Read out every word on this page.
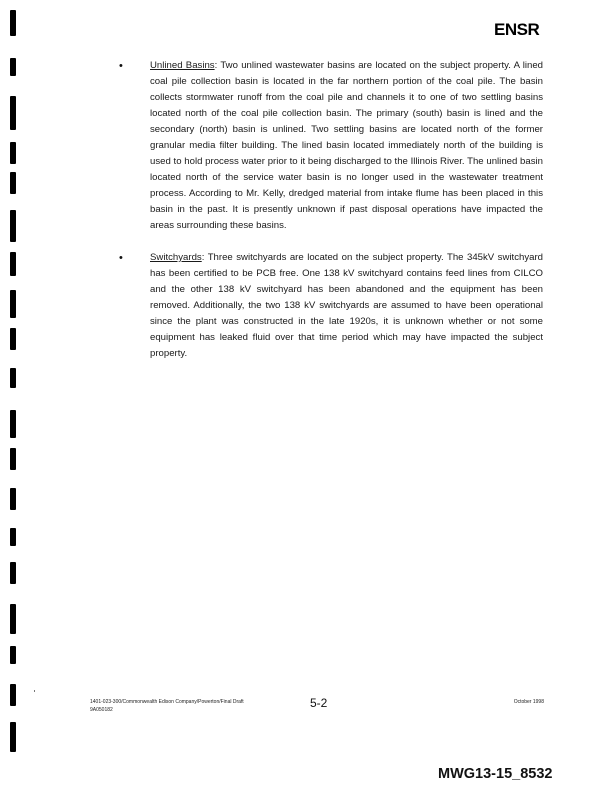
ENSR
•	Unlined Basins: Two unlined wastewater basins are located on the subject property. A lined coal pile collection basin is located in the far northern portion of the coal pile. The basin collects stormwater runoff from the coal pile and channels it to one of two settling basins located north of the coal pile collection basin. The primary (south) basin is lined and the secondary (north) basin is unlined. Two settling basins are located north of the former granular media filter building. The lined basin located immediately north of the building is used to hold process water prior to it being discharged to the Illinois River. The unlined basin located north of the service water basin is no longer used in the wastewater treatment process. According to Mr. Kelly, dredged material from intake flume has been placed in this basin in the past. It is presently unknown if past disposal operations have impacted the areas surrounding these basins.

•	Switchyards: Three switchyards are located on the subject property. The 345kV switchyard has been certified to be PCB free. One 138 kV switchyard contains feed lines from CILCO and the other 138 kV switchyard has been abandoned and the equipment has been removed. Additionally, the two 138 kV switchyards are assumed to have been operational since the plant was constructed in the late 1920s, it is unknown whether or not some equipment has leaked fluid over that time period which may have impacted the subject property.

1401-023-300/Commonwealth Edison Company/Powerton/Final Draft
9A050182	5-2	October 1998
MWG13-15_8532
